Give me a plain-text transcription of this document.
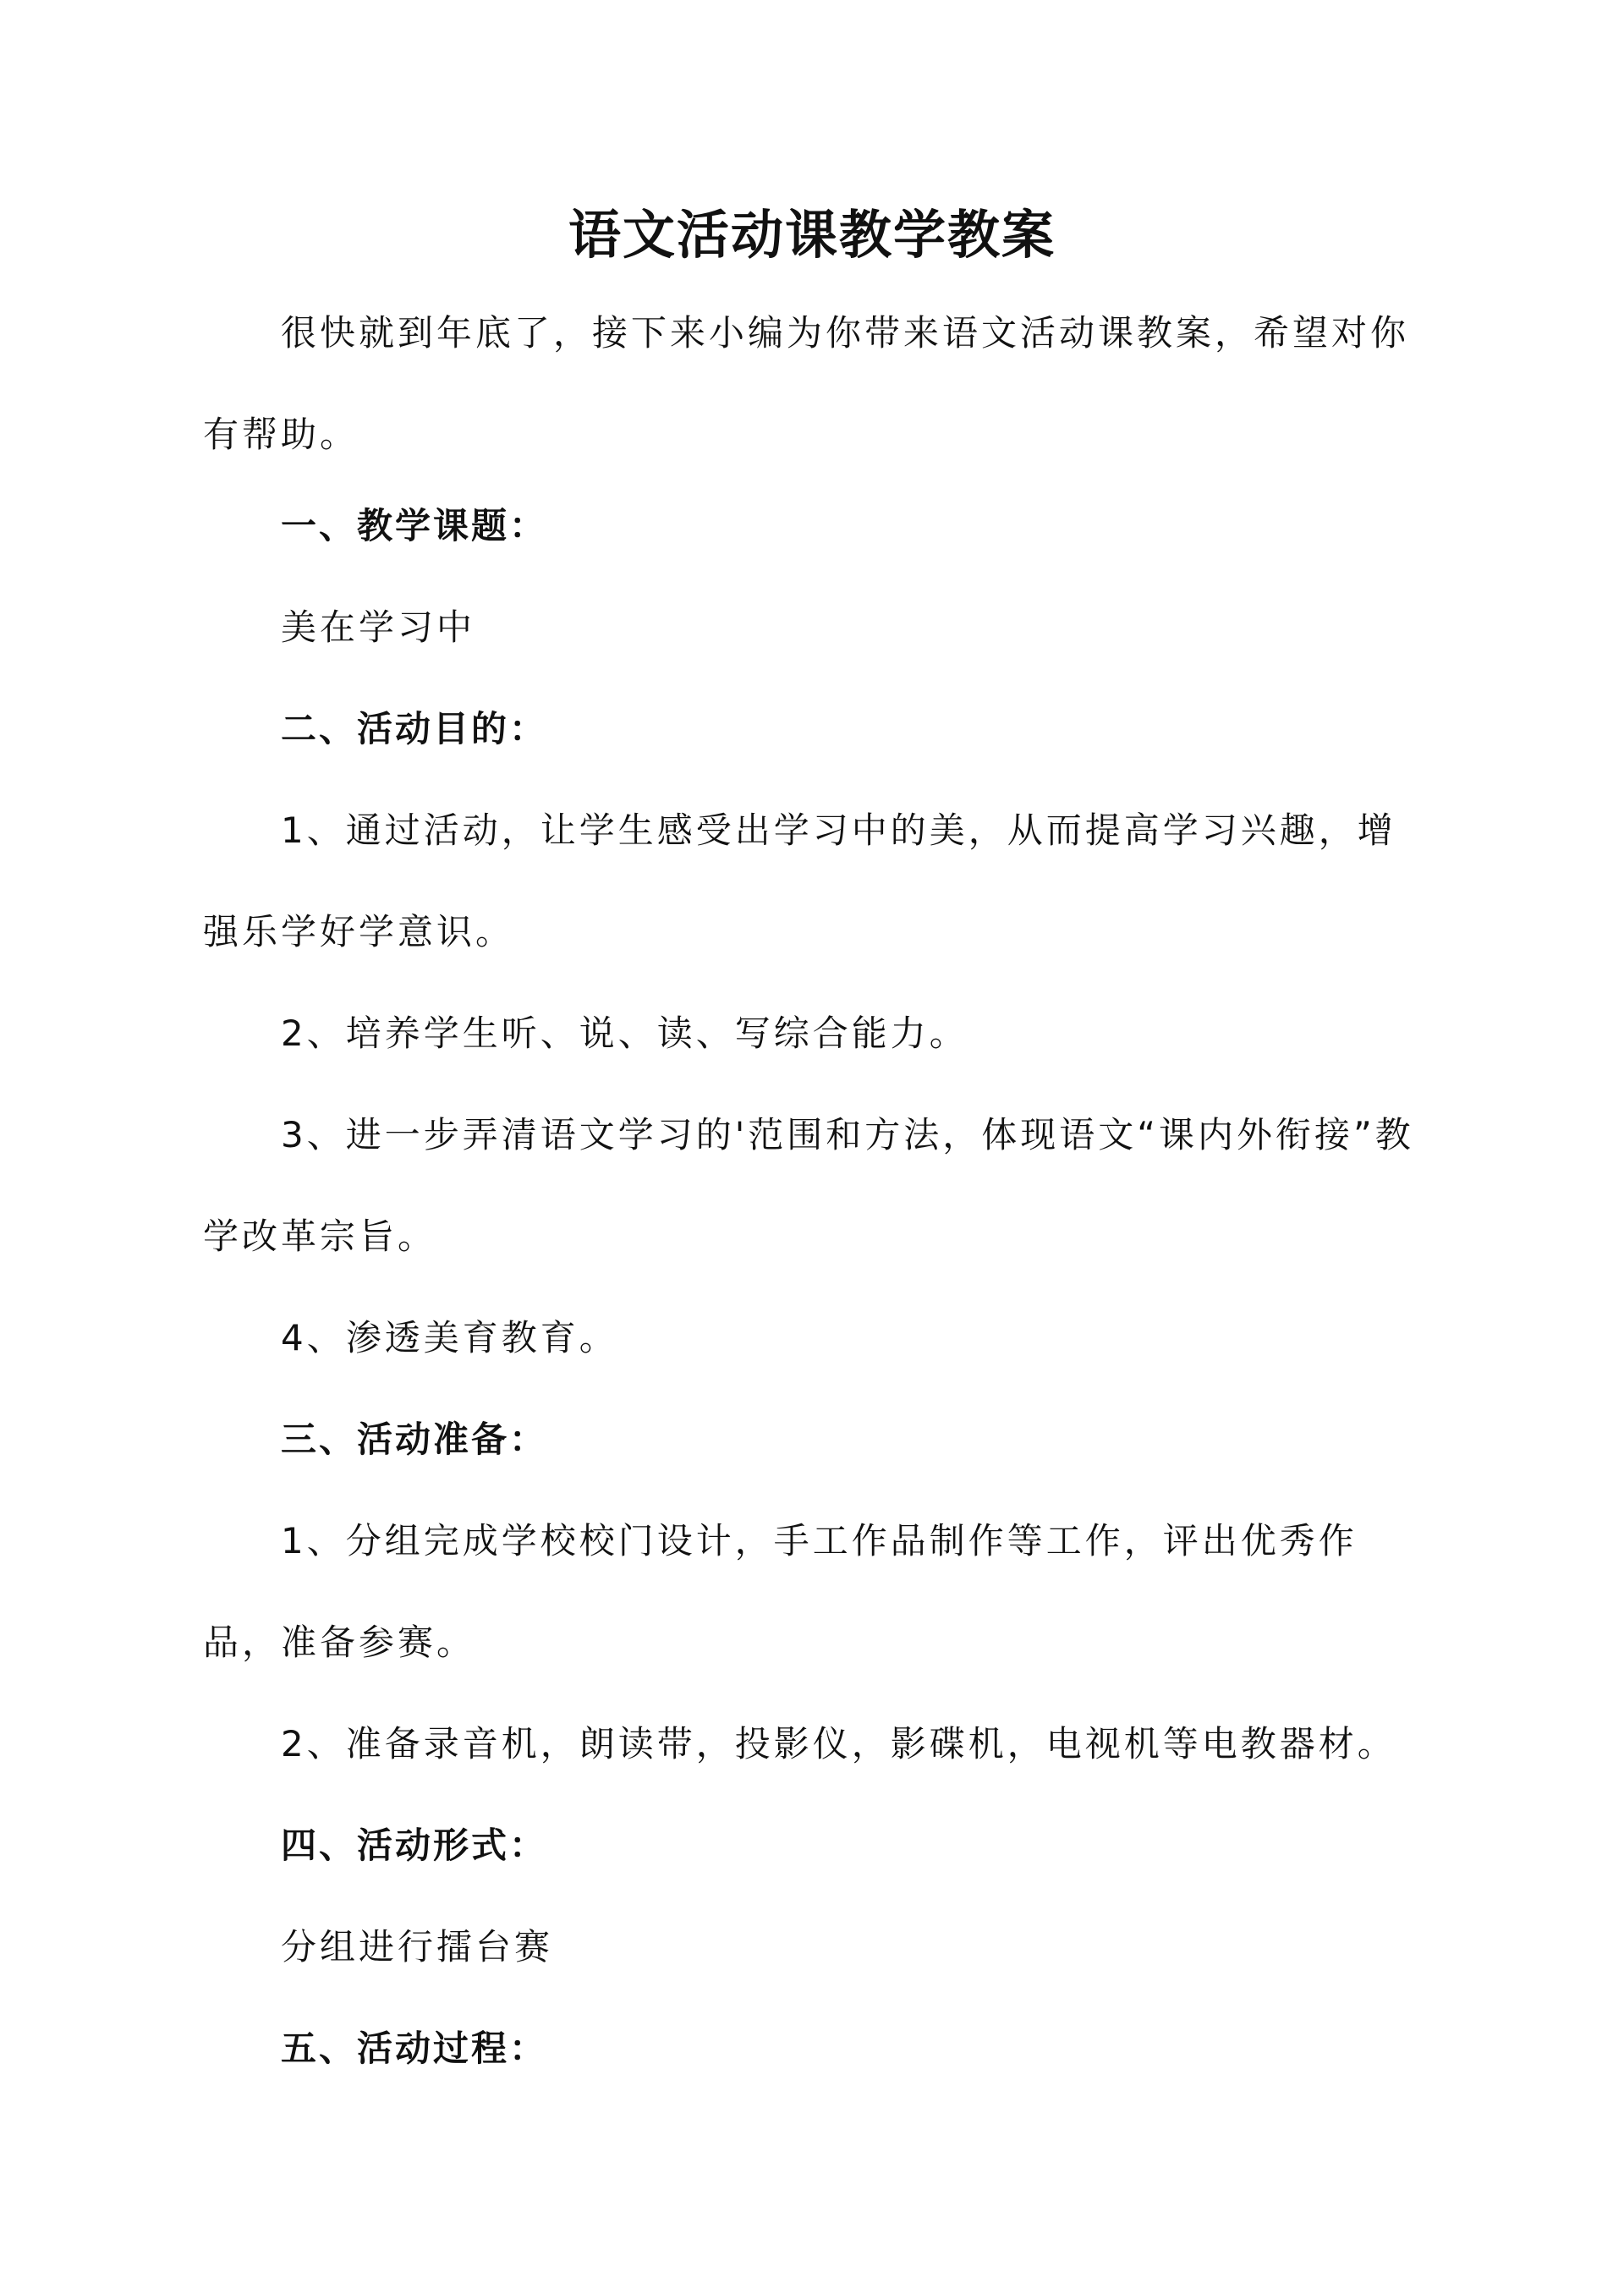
语文活动课教学教案

很快就到年底了，接下来小编为你带来语文活动课教案，希望对你有帮助。

一、教学课题：

美在学习中

二、活动目的：

1、通过活动，让学生感受出学习中的美，从而提高学习兴趣，增强乐学好学意识。

2、培养学生听、说、读、写综合能力。

3、进一步弄清语文学习的'范围和方法，体现语文“课内外衔接”教学改革宗旨。

4、渗透美育教育。

三、活动准备：

1、分组完成学校校门设计，手工作品制作等工作，评出优秀作品，准备参赛。

2、准备录音机，朗读带，投影仪，影碟机，电视机等电教器材。

四、活动形式：

分组进行擂台赛

五、活动过程：
